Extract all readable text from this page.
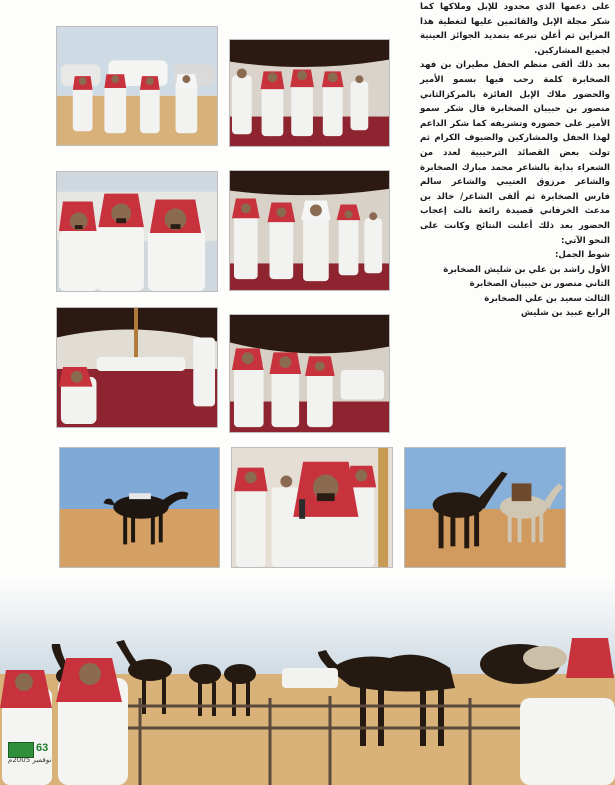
على دعمها الذي محدود للإبل وملاكها كما شكر مجلة الإبل والقائمين عليها لتغطية هذا المزاين ثم أعلن تبرعه بتمديد الجوائز العينية لجميع المشاركين.

بعد ذلك ألقى منظم الحفل مطيران بن فهد الصخابرة كلمة رحب فيها بسمو الأمير والحضور ملاك الإبل الفائزة بالمركزالثاني منصور بن حبيبان الصخابرة قال شكر سمو الأمير على حضوره وتشريفه كما شكر الداعم لهذا الحفل والمشاركين والضيوف الكرام ثم تولت بعض القصائد الترحيبية لعدد من الشعراء بداية بالشاعر محمد مبارك الصخابرة والشاعر مرزوق العتيبي والشاعر سالم فارس الصخابرة ثم ألقى الشاعر/ خالد بن مدعث الخرفاني قصيدة رائعة نالت إعجاب الحضور بعد ذلك أعلنت النتائج وكانت على النحو الآتي:

شوط الجمل:

الأول راشد بن علي بن شليش الصخابرة

الثاني منصور بن حبيبان الصخابرة

الثالث سعيد بن علي الصخابرة

الرابع عبيد بن شليش

63
نوفمبر 2005م
